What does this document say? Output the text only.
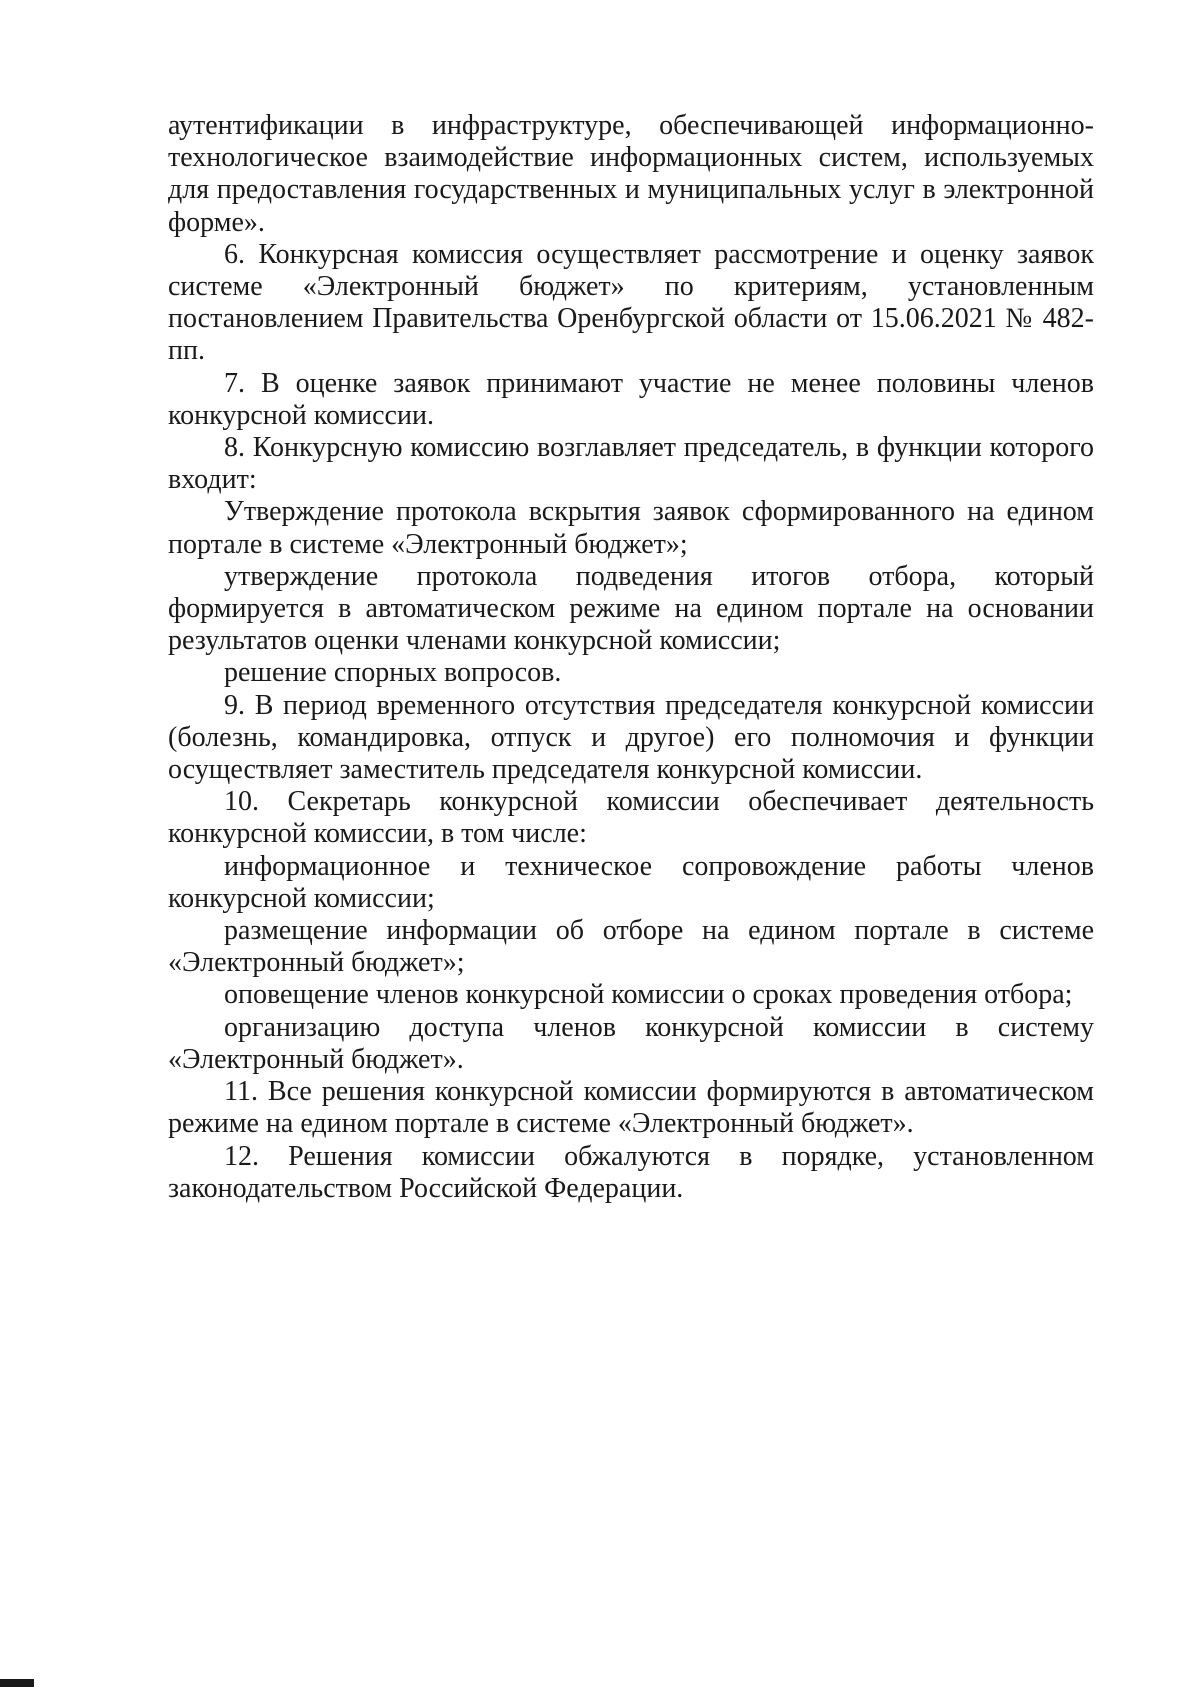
аутентификации в инфраструктуре, обеспечивающей информационно-технологическое взаимодействие информационных систем, используемых для предоставления государственных и муниципальных услуг в электронной форме».

6. Конкурсная комиссия осуществляет рассмотрение и оценку заявок системе «Электронный бюджет» по критериям, установленным постановлением Правительства Оренбургской области от 15.06.2021 № 482-пп.

7. В оценке заявок принимают участие не менее половины членов конкурсной комиссии.

8. Конкурсную комиссию возглавляет председатель, в функции которого входит:

Утверждение протокола вскрытия заявок сформированного на едином портале в системе «Электронный бюджет»;

утверждение протокола подведения итогов отбора, который формируется в автоматическом режиме на едином портале на основании результатов оценки членами конкурсной комиссии;

решение спорных вопросов.

9. В период временного отсутствия председателя конкурсной комиссии (болезнь, командировка, отпуск и другое) его полномочия и функции осуществляет заместитель председателя конкурсной комиссии.

10. Секретарь конкурсной комиссии обеспечивает деятельность конкурсной комиссии, в том числе:

информационное и техническое сопровождение работы членов конкурсной комиссии;

размещение информации об отборе на едином портале в системе «Электронный бюджет»;

оповещение членов конкурсной комиссии о сроках проведения отбора;

организацию доступа членов конкурсной комиссии в систему «Электронный бюджет».

11. Все решения конкурсной комиссии формируются в автоматическом режиме на едином портале в системе «Электронный бюджет».

12. Решения комиссии обжалуются в порядке, установленном законодательством Российской Федерации.
